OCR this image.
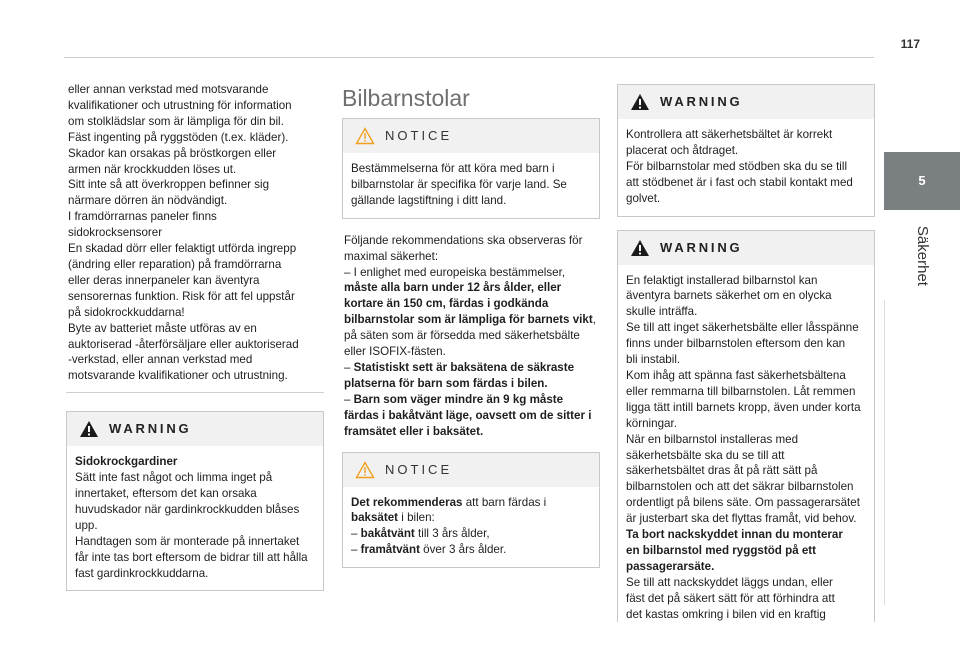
117
5
Säkerhet

eller annan verkstad med motsvarande

kvalifikationer och utrustning för information

om stolklädslar som är lämpliga för din bil.

Fäst ingenting på ryggstöden (t.ex. kläder).

Skador kan orsakas på bröstkorgen eller

armen när krockkudden löses ut.

Sitt inte så att överkroppen befinner sig

närmare dörren än nödvändigt.

I framdörrarnas paneler finns

sidokrocksensorer

En skadad dörr eller felaktigt utförda ingrepp

(ändring eller reparation) på framdörrarna

eller deras innerpaneler kan äventyra

sensorernas funktion. Risk för att fel uppstår

på sidokrockkuddarna!

Byte av batteriet måste utföras av en

auktoriserad -återförsäljare eller auktoriserad

-verkstad, eller annan verkstad med

motsvarande kvalifikationer och utrustning.

WARNING

Sidokrockgardiner

Sätt inte fast något och limma inget på

innertaket, eftersom det kan orsaka

huvudskador när gardinkrockkudden blåses

upp.

Handtagen som är monterade på innertaket

får inte tas bort eftersom de bidrar till att hålla

fast gardinkrockkuddarna.

Bilbarnstolar
NOTICE

Bestämmelserna för att köra med barn i

bilbarnstolar är specifika för varje land. Se

gällande lagstiftning i ditt land.

Följande rekommendations ska observeras för

maximal säkerhet:

– I enlighet med europeiska bestämmelser,

måste alla barn under 12 års ålder, eller

kortare än 150 cm, färdas i godkända

bilbarnstolar som är lämpliga för barnets vikt,

på säten som är försedda med säkerhetsbälte

eller ISOFIX-fästen.

– Statistiskt sett är baksätena de säkraste

platserna för barn som färdas i bilen.

– Barn som väger mindre än 9 kg måste

färdas i bakåtvänt läge, oavsett om de sitter i

framsätet eller i baksätet.

NOTICE

Det rekommenderas att barn färdas i

baksätet i bilen:

– bakåtvänt till 3 års ålder,

– framåtvänt över 3 års ålder.

WARNING

Kontrollera att säkerhetsbältet är korrekt

placerat och åtdraget.

För bilbarnstolar med stödben ska du se till

att stödbenet är i fast och stabil kontakt med

golvet.

WARNING

En felaktigt installerad bilbarnstol kan

äventyra barnets säkerhet om en olycka

skulle inträffa.

Se till att inget säkerhetsbälte eller låsspänne

finns under bilbarnstolen eftersom den kan

bli instabil.

Kom ihåg att spänna fast säkerhetsbältena

eller remmarna till bilbarnstolen. Låt remmen

ligga tätt intill barnets kropp, även under korta

körningar.

När en bilbarnstol installeras med

säkerhetsbälte ska du se till att

säkerhetsbältet dras åt på rätt sätt på

bilbarnstolen och att det säkrar bilbarnstolen

ordentligt på bilens säte. Om passagerarsätet

är justerbart ska det flyttas framåt, vid behov.

Ta bort nackskyddet innan du monterar

en bilbarnstol med ryggstöd på ett

passagerarsäte.

Se till att nackskyddet läggs undan, eller

fäst det på säkert sätt för att förhindra att

det kastas omkring i bilen vid en kraftig
